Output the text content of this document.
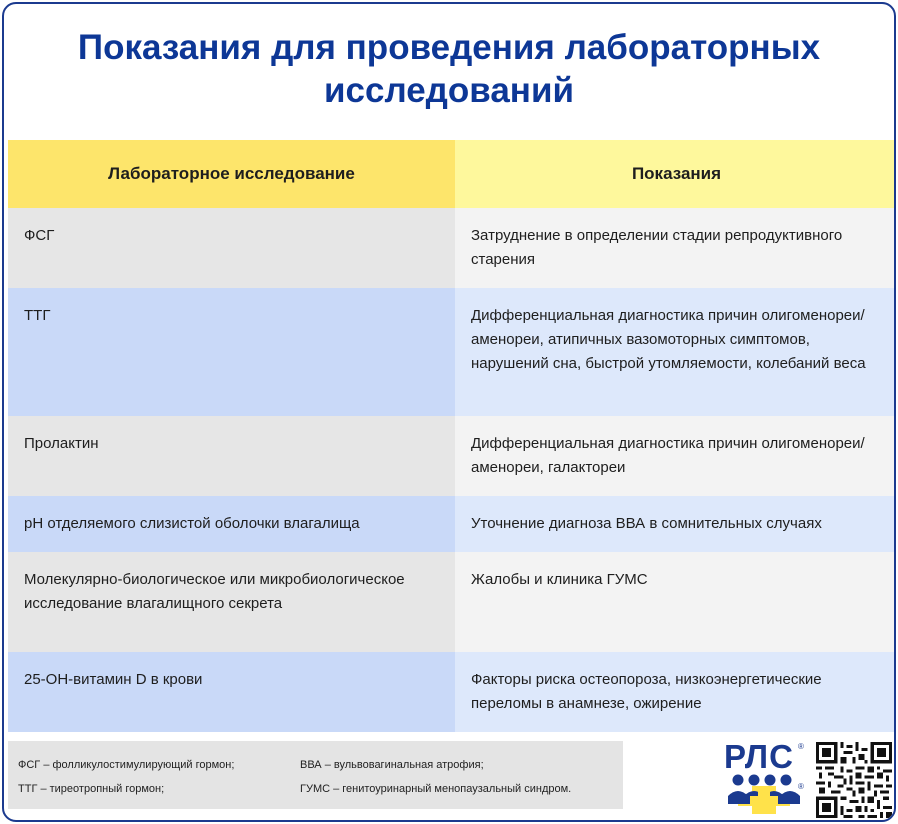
Показания для проведения лабораторных исследований
Лабораторное исследование	Показания
ФСГ	Затруднение в определении стадии репродуктивного старения
ТТГ	Дифференциальная диагностика причин олигоменореи/аменореи, атипичных вазомоторных симптомов, нарушений сна, быстрой утомляемости, колебаний веса
Пролактин	Дифференциальная диагностика причин олигоменореи/аменореи, галактореи
pH отделяемого слизистой оболочки влагалища	Уточнение диагноза ВВА в сомнительных случаях
Молекулярно-биологическое или микробиологическое исследование влагалищного секрета	Жалобы и клиника ГУМС
25-ОН-витамин D в крови	Факторы риска остеопороза, низкоэнергетические переломы в анамнезе, ожирение
ФСГ – фолликулостимулирующий гормон;
ТТГ – тиреотропный гормон;
ВВА – вульвовагинальная атрофия;
ГУМС – генитоуринарный менопаузальный синдром.
РЛС ®
®
